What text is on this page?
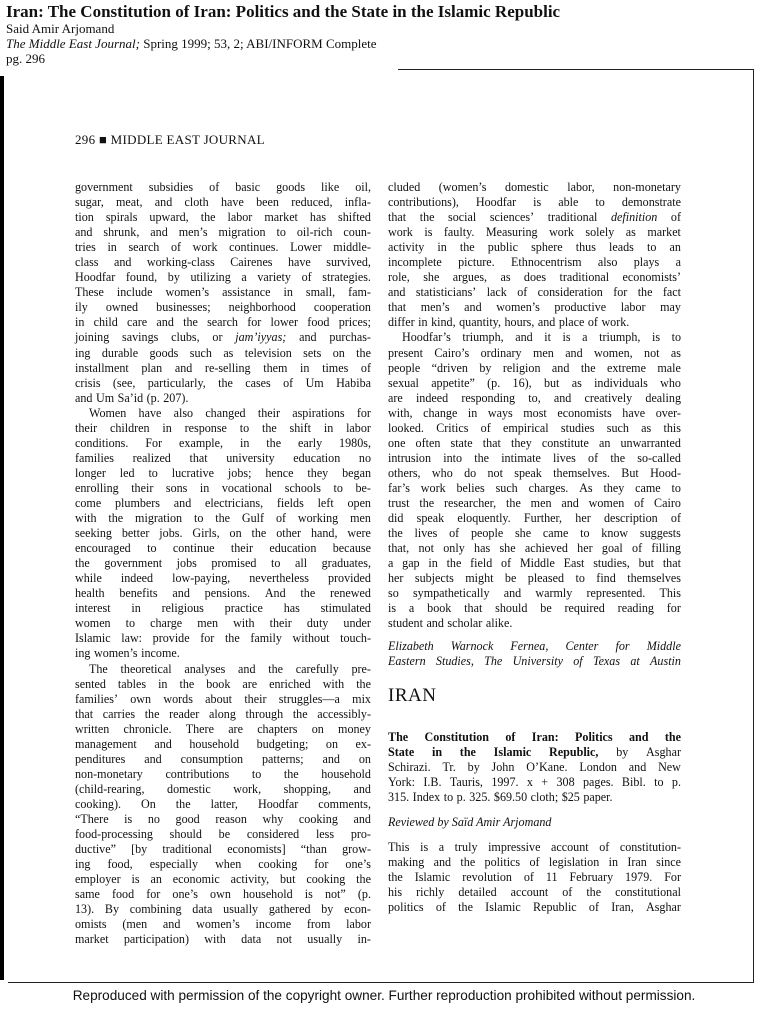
Iran: The Constitution of Iran: Politics and the State in the Islamic Republic
Said Amir Arjomand
The Middle East Journal; Spring 1999; 53, 2; ABI/INFORM Complete
pg. 296
296 ■ MIDDLE EAST JOURNAL
government subsidies of basic goods like oil,
sugar, meat, and cloth have been reduced, infla-
tion spirals upward, the labor market has shifted
and shrunk, and men’s migration to oil-rich coun-
tries in search of work continues. Lower middle-
class and working-class Cairenes have survived,
Hoodfar found, by utilizing a variety of strategies.
These include women’s assistance in small, fam-
ily owned businesses; neighborhood cooperation
in child care and the search for lower food prices;
joining savings clubs, or jam’iyyas; and purchas-
ing durable goods such as television sets on the
installment plan and re-selling them in times of
crisis (see, particularly, the cases of Um Habiba
and Um Sa’id (p. 207).
Women have also changed their aspirations for
their children in response to the shift in labor
conditions. For example, in the early 1980s,
families realized that university education no
longer led to lucrative jobs; hence they began
enrolling their sons in vocational schools to be-
come plumbers and electricians, fields left open
with the migration to the Gulf of working men
seeking better jobs. Girls, on the other hand, were
encouraged to continue their education because
the government jobs promised to all graduates,
while indeed low-paying, nevertheless provided
health benefits and pensions. And the renewed
interest in religious practice has stimulated
women to charge men with their duty under
Islamic law: provide for the family without touch-
ing women’s income.
The theoretical analyses and the carefully pre-
sented tables in the book are enriched with the
families’ own words about their struggles—a mix
that carries the reader along through the accessibly-
written chronicle. There are chapters on money
management and household budgeting; on ex-
penditures and consumption patterns; and on
non-monetary contributions to the household
(child-rearing, domestic work, shopping, and
cooking). On the latter, Hoodfar comments,
“There is no good reason why cooking and
food-processing should be considered less pro-
ductive” [by traditional economists] “than grow-
ing food, especially when cooking for one’s
employer is an economic activity, but cooking the
same food for one’s own household is not” (p.
13). By combining data usually gathered by econ-
omists (men and women’s income from labor
market participation) with data not usually in-
cluded (women’s domestic labor, non-monetary
contributions), Hoodfar is able to demonstrate
that the social sciences’ traditional definition of
work is faulty. Measuring work solely as market
activity in the public sphere thus leads to an
incomplete picture. Ethnocentrism also plays a
role, she argues, as does traditional economists’
and statisticians’ lack of consideration for the fact
that men’s and women’s productive labor may
differ in kind, quantity, hours, and place of work.
Hoodfar’s triumph, and it is a triumph, is to
present Cairo’s ordinary men and women, not as
people “driven by religion and the extreme male
sexual appetite” (p. 16), but as individuals who
are indeed responding to, and creatively dealing
with, change in ways most economists have over-
looked. Critics of empirical studies such as this
one often state that they constitute an unwarranted
intrusion into the intimate lives of the so-called
others, who do not speak themselves. But Hood-
far’s work belies such charges. As they came to
trust the researcher, the men and women of Cairo
did speak eloquently. Further, her description of
the lives of people she came to know suggests
that, not only has she achieved her goal of filling
a gap in the field of Middle East studies, but that
her subjects might be pleased to find themselves
so sympathetically and warmly represented. This
is a book that should be required reading for
student and scholar alike.
Elizabeth Warnock Fernea, Center for Middle
Eastern Studies, The University of Texas at Austin
IRAN
The Constitution of Iran: Politics and the
State in the Islamic Republic, by Asghar
Schirazi. Tr. by John O’Kane. London and New
York: I.B. Tauris, 1997. x + 308 pages. Bibl. to p.
315. Index to p. 325. $69.50 cloth; $25 paper.
Reviewed by Saïd Amir Arjomand
This is a truly impressive account of constitution-
making and the politics of legislation in Iran since
the Islamic revolution of 11 February 1979. For
his richly detailed account of the constitutional
politics of the Islamic Republic of Iran, Asghar
Reproduced with permission of the copyright owner. Further reproduction prohibited without permission.
